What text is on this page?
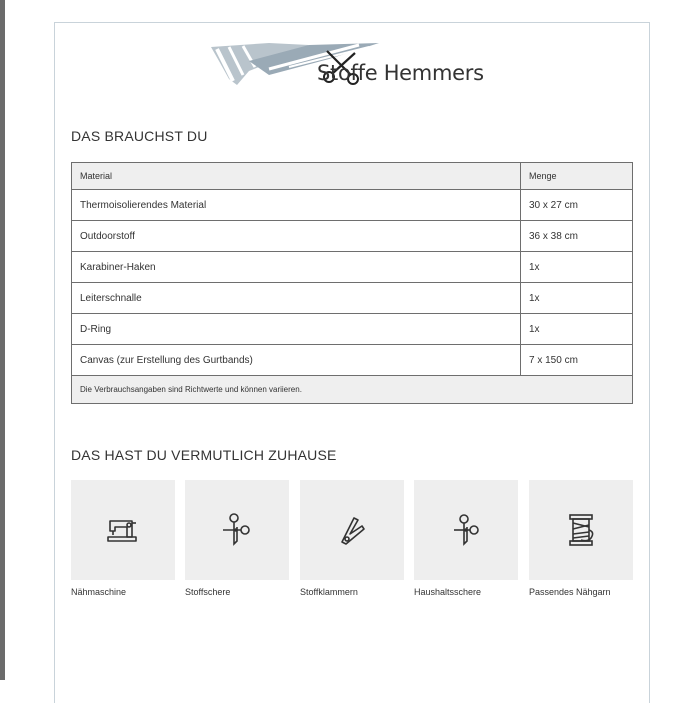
Stoffe Hemmers
DAS BRAUCHST DU
Material	Menge
Thermoisolierendes Material	30 x 27 cm
Outdoorstoff	36 x 38 cm
Karabiner-Haken	1x
Leiterschnalle	1x
D-Ring	1x
Canvas (zur Erstellung des Gurtbands)	7 x 150 cm
Die Verbrauchsangaben sind Richtwerte und können variieren.	
DAS HAST DU VERMUTLICH ZUHAUSE
Nähmaschine	Stoffschere	Stoffklammern	Haushaltsschere	Passendes Nähgarn
